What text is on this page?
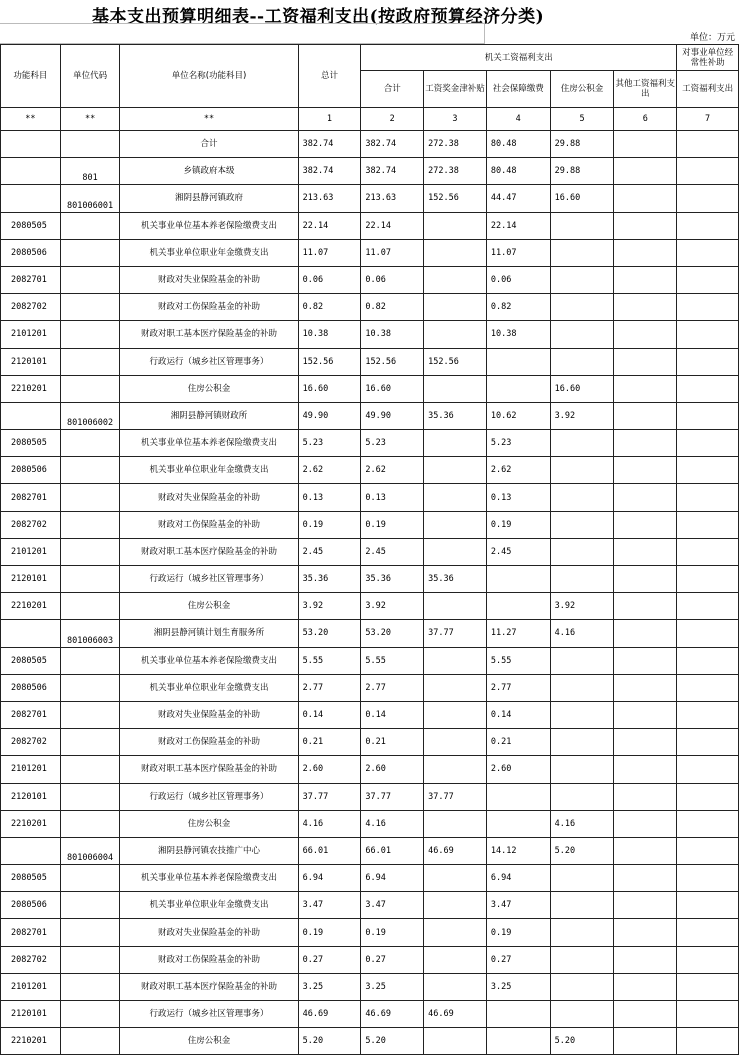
基本支出预算明细表--工资福利支出(按政府预算经济分类)
单位：万元
功能科目	单位代码	单位名称(功能科目)	总计	机关工资福利支出					对事业单位经常性补助
				合计	工资奖金津补贴	社会保障缴费	住房公积金	其他工资福利支出	工资福利支出
**	**	**	1	2	3	4	5	6	7
		合计	382.74	382.74	272.38	80.48	29.88		
	801	乡镇政府本级	382.74	382.74	272.38	80.48	29.88		
	801006001	湘阴县静河镇政府	213.63	213.63	152.56	44.47	16.60		
2080505		机关事业单位基本养老保险缴费支出	22.14	22.14		22.14			
2080506		机关事业单位职业年金缴费支出	11.07	11.07		11.07			
2082701		财政对失业保险基金的补助	0.06	0.06		0.06			
2082702		财政对工伤保险基金的补助	0.82	0.82		0.82			
2101201		财政对职工基本医疗保险基金的补助	10.38	10.38		10.38			
2120101		行政运行（城乡社区管理事务）	152.56	152.56	152.56				
2210201		住房公积金	16.60	16.60			16.60		
	801006002	湘阴县静河镇财政所	49.90	49.90	35.36	10.62	3.92		
2080505		机关事业单位基本养老保险缴费支出	5.23	5.23		5.23			
2080506		机关事业单位职业年金缴费支出	2.62	2.62		2.62			
2082701		财政对失业保险基金的补助	0.13	0.13		0.13			
2082702		财政对工伤保险基金的补助	0.19	0.19		0.19			
2101201		财政对职工基本医疗保险基金的补助	2.45	2.45		2.45			
2120101		行政运行（城乡社区管理事务）	35.36	35.36	35.36				
2210201		住房公积金	3.92	3.92			3.92		
	801006003	湘阴县静河镇计划生育服务所	53.20	53.20	37.77	11.27	4.16		
2080505		机关事业单位基本养老保险缴费支出	5.55	5.55		5.55			
2080506		机关事业单位职业年金缴费支出	2.77	2.77		2.77			
2082701		财政对失业保险基金的补助	0.14	0.14		0.14			
2082702		财政对工伤保险基金的补助	0.21	0.21		0.21			
2101201		财政对职工基本医疗保险基金的补助	2.60	2.60		2.60			
2120101		行政运行（城乡社区管理事务）	37.77	37.77	37.77				
2210201		住房公积金	4.16	4.16			4.16		
	801006004	湘阴县静河镇农技推广中心	66.01	66.01	46.69	14.12	5.20		
2080505		机关事业单位基本养老保险缴费支出	6.94	6.94		6.94			
2080506		机关事业单位职业年金缴费支出	3.47	3.47		3.47			
2082701		财政对失业保险基金的补助	0.19	0.19		0.19			
2082702		财政对工伤保险基金的补助	0.27	0.27		0.27			
2101201		财政对职工基本医疗保险基金的补助	3.25	3.25		3.25			
2120101		行政运行（城乡社区管理事务）	46.69	46.69	46.69				
2210201		住房公积金	5.20	5.20			5.20		
